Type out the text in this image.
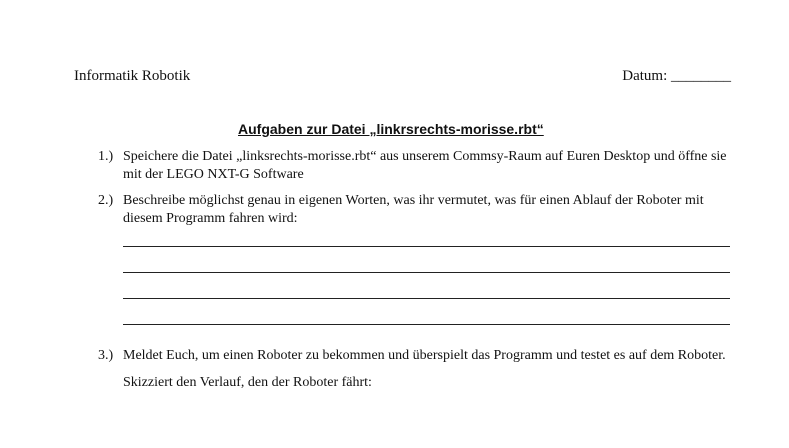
Informatik Robotik	Datum: ________
Aufgaben zur Datei „linkrsrechts-morisse.rbt“
1.) Speichere die Datei „linksrechts-morisse.rbt“ aus unserem Commsy-Raum auf Euren Desktop und öffne sie mit der LEGO NXT-G Software
2.) Beschreibe möglichst genau in eigenen Worten, was ihr vermutet, was für einen Ablauf der Roboter mit diesem Programm fahren wird:
3.) Meldet Euch, um einen Roboter zu bekommen und überspielt das Programm und testet es auf dem Roboter. Skizziert den Verlauf, den der Roboter fährt:
